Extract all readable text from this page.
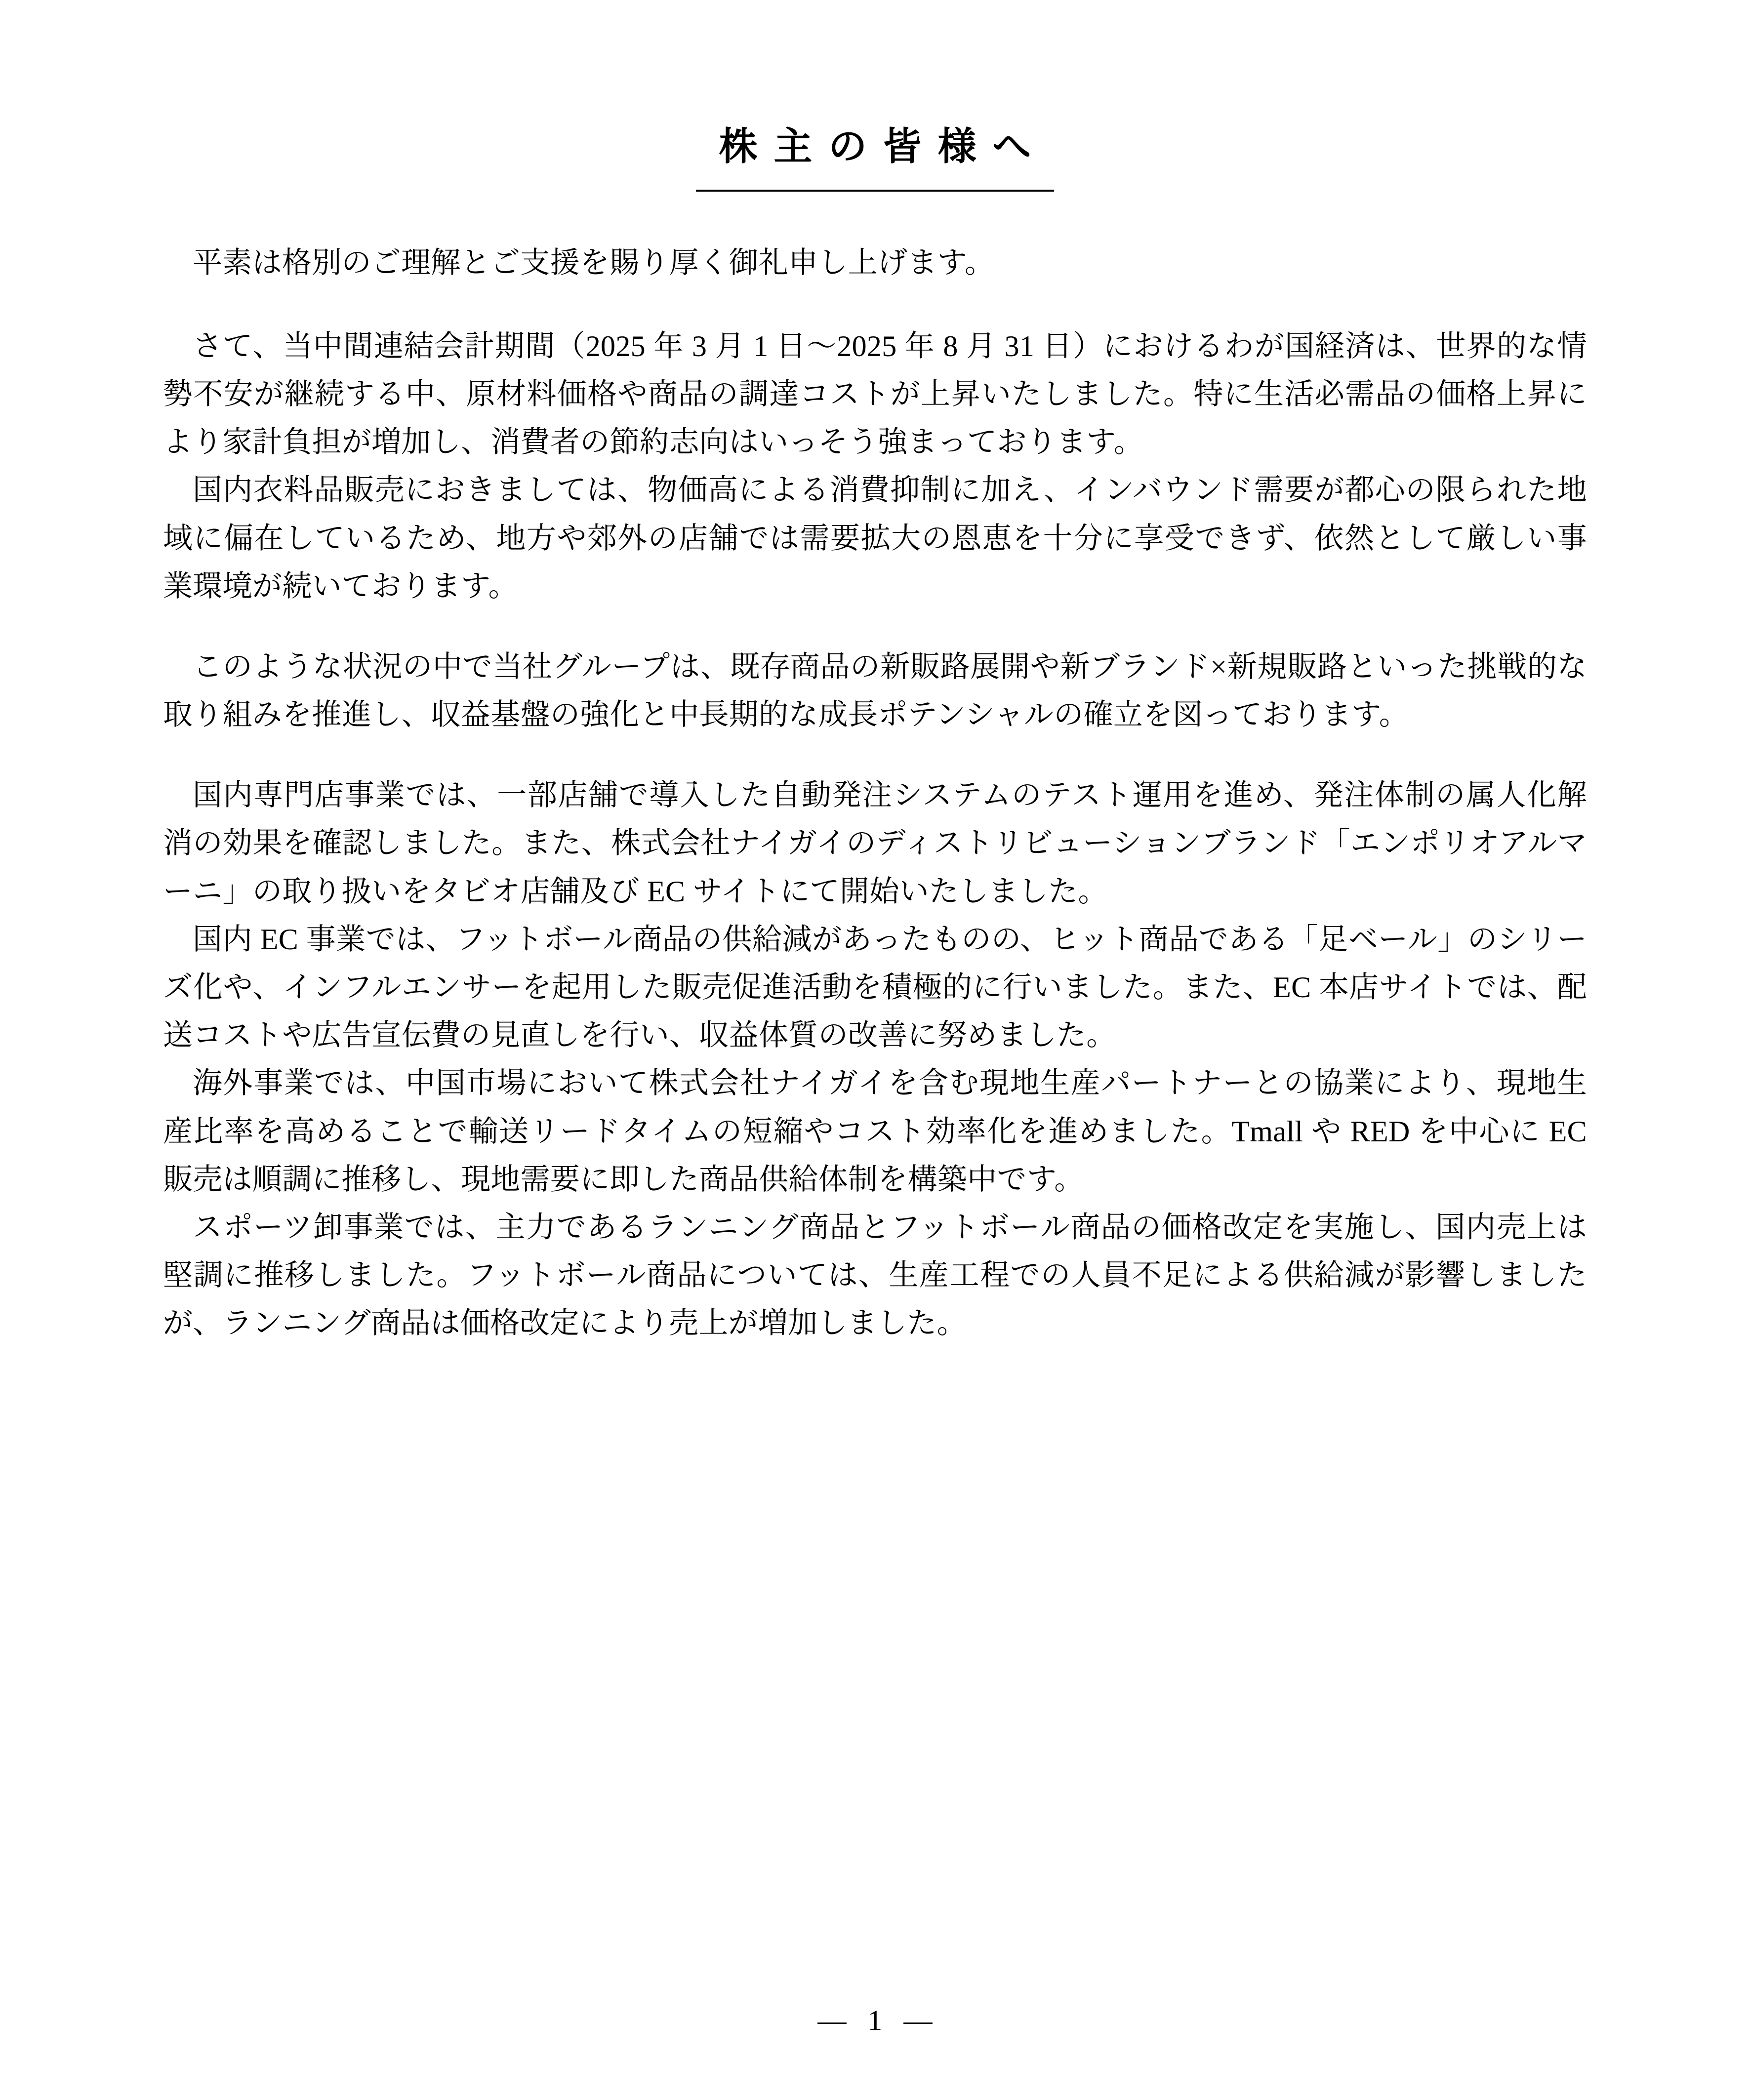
株主の皆様へ

平素は格別のご理解とご支援を賜り厚く御礼申し上げます。

さて、当中間連結会計期間（2025 年 3 月 1 日〜2025 年 8 月 31 日）におけるわが国経済は、世界的な情勢不安が継続する中、原材料価格や商品の調達コストが上昇いたしました。特に生活必需品の価格上昇により家計負担が増加し、消費者の節約志向はいっそう強まっております。

国内衣料品販売におきましては、物価高による消費抑制に加え、インバウンド需要が都心の限られた地域に偏在しているため、地方や郊外の店舗では需要拡大の恩恵を十分に享受できず、依然として厳しい事業環境が続いております。

このような状況の中で当社グループは、既存商品の新販路展開や新ブランド×新規販路といった挑戦的な取り組みを推進し、収益基盤の強化と中長期的な成長ポテンシャルの確立を図っております。

国内専門店事業では、一部店舗で導入した自動発注システムのテスト運用を進め、発注体制の属人化解消の効果を確認しました。また、株式会社ナイガイのディストリビューションブランド「エンポリオアルマーニ」の取り扱いをタビオ店舗及び EC サイトにて開始いたしました。

国内 EC 事業では、フットボール商品の供給減があったものの、ヒット商品である「足ベール」のシリーズ化や、インフルエンサーを起用した販売促進活動を積極的に行いました。また、EC 本店サイトでは、配送コストや広告宣伝費の見直しを行い、収益体質の改善に努めました。

海外事業では、中国市場において株式会社ナイガイを含む現地生産パートナーとの協業により、現地生産比率を高めることで輸送リードタイムの短縮やコスト効率化を進めました。Tmall や RED を中心に EC 販売は順調に推移し、現地需要に即した商品供給体制を構築中です。

スポーツ卸事業では、主力であるランニング商品とフットボール商品の価格改定を実施し、国内売上は堅調に推移しました。フットボール商品については、生産工程での人員不足による供給減が影響しましたが、ランニング商品は価格改定により売上が増加しました。

— 1 —
